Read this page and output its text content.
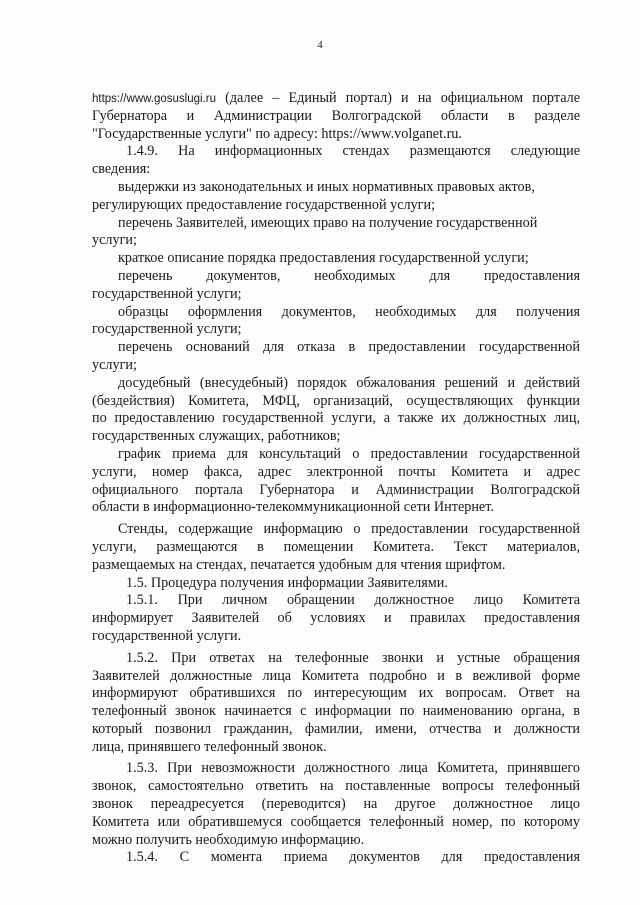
4
https://www.gosuslugi.ru (далее – Единый портал) и на официальном портале
Губернатора и Администрации Волгоградской области в разделе
"Государственные услуги" по адресу: https://www.volganet.ru.
1.4.9. На информационных стендах размещаются следующие
сведения:
выдержки из законодательных и иных нормативных правовых актов,
регулирующих предоставление государственной услуги;
перечень Заявителей, имеющих право на получение государственной
услуги;
краткое описание порядка предоставления государственной услуги;
перечень документов, необходимых для предоставления
государственной услуги;
образцы оформления документов, необходимых для получения
государственной услуги;
перечень оснований для отказа в предоставлении государственной
услуги;
досудебный (внесудебный) порядок обжалования решений и действий
(бездействия) Комитета, МФЦ, организаций, осуществляющих функции
по предоставлению государственной услуги, а также их должностных лиц,
государственных служащих, работников;
график приема для консультаций о предоставлении государственной
услуги, номер факса, адрес электронной почты Комитета и адрес
официального портала Губернатора и Администрации Волгоградской
области в информационно-телекоммуникационной сети Интернет.
Стенды, содержащие информацию о предоставлении государственной
услуги, размещаются в помещении Комитета. Текст материалов,
размещаемых на стендах, печатается удобным для чтения шрифтом.
1.5. Процедура получения информации Заявителями.
1.5.1. При личном обращении должностное лицо Комитета
информирует Заявителей об условиях и правилах предоставления
государственной услуги.
1.5.2. При ответах на телефонные звонки и устные обращения
Заявителей должностные лица Комитета подробно и в вежливой форме
информируют обратившихся по интересующим их вопросам. Ответ на
телефонный звонок начинается с информации по наименованию органа, в
который позвонил гражданин, фамилии, имени, отчества и должности
лица, принявшего телефонный звонок.
1.5.3. При невозможности должностного лица Комитета, принявшего
звонок, самостоятельно ответить на поставленные вопросы телефонный
звонок переадресуется (переводится) на другое должностное лицо
Комитета или обратившемуся сообщается телефонный номер, по которому
можно получить необходимую информацию.
1.5.4. С момента приема документов для предоставления
